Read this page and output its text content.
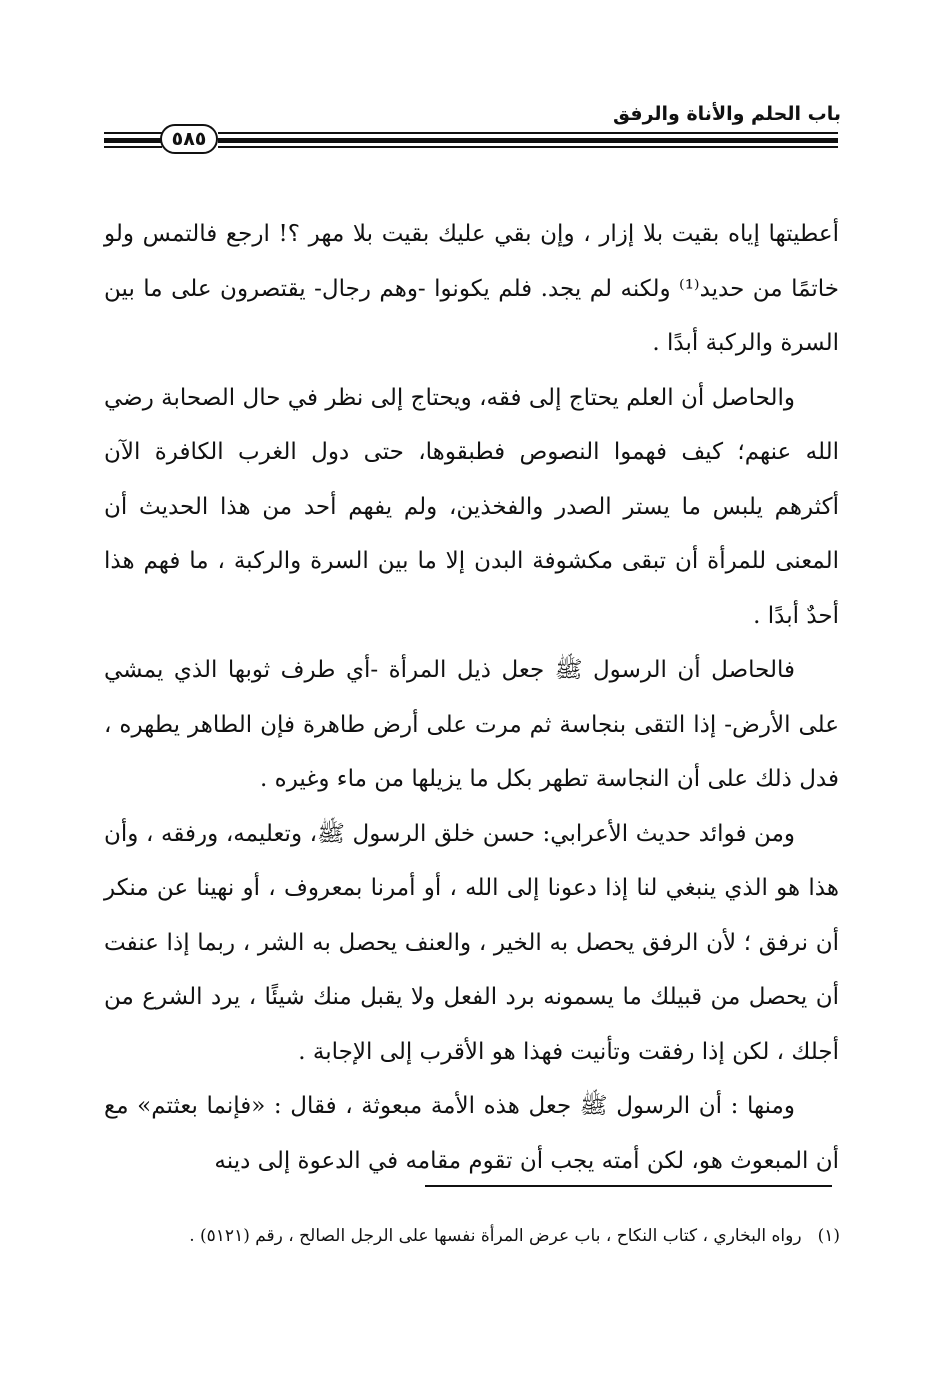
باب الحلم والأناة والرفق
٥٨٥

أعطيتها إياه بقيت بلا إزار ، وإن بقي عليك بقيت بلا مهر ؟! ارجع فالتمس ولو خاتمًا من حديد⁽¹⁾ ولكنه لم يجد. فلم يكونوا -وهم رجال- يقتصرون على ما بين السرة والركبة أبدًا .

والحاصل أن العلم يحتاج إلى فقه، ويحتاج إلى نظر في حال الصحابة رضي الله عنهم؛ كيف فهموا النصوص فطبقوها، حتى دول الغرب الكافرة الآن أكثرهم يلبس ما يستر الصدر والفخذين، ولم يفهم أحد من هذا الحديث أن المعنى للمرأة أن تبقى مكشوفة البدن إلا ما بين السرة والركبة ، ما فهم هذا أحدٌ أبدًا .

فالحاصل أن الرسول ﷺ جعل ذيل المرأة -أي طرف ثوبها الذي يمشي على الأرض- إذا التقى بنجاسة ثم مرت على أرض طاهرة فإن الطاهر يطهره ، فدل ذلك على أن النجاسة تطهر بكل ما يزيلها من ماء وغيره .

ومن فوائد حديث الأعرابي: حسن خلق الرسول ﷺ، وتعليمه، ورفقه ، وأن هذا هو الذي ينبغي لنا إذا دعونا إلى الله ، أو أمرنا بمعروف ، أو نهينا عن منكر أن نرفق ؛ لأن الرفق يحصل به الخير ، والعنف يحصل به الشر ، ربما إذا عنفت أن يحصل من قبيلك ما يسمونه برد الفعل ولا يقبل منك شيئًا ، يرد الشرع من أجلك ، لكن إذا رفقت وتأنيت فهذا هو الأقرب إلى الإجابة .

ومنها : أن الرسول ﷺ جعل هذه الأمة مبعوثة ، فقال : «فإنما بعثتم» مع أن المبعوث هو، لكن أمته يجب أن تقوم مقامه في الدعوة إلى دينه

(١)رواه البخاري ، كتاب النكاح ، باب عرض المرأة نفسها على الرجل الصالح ، رقم (٥١٢١) .
